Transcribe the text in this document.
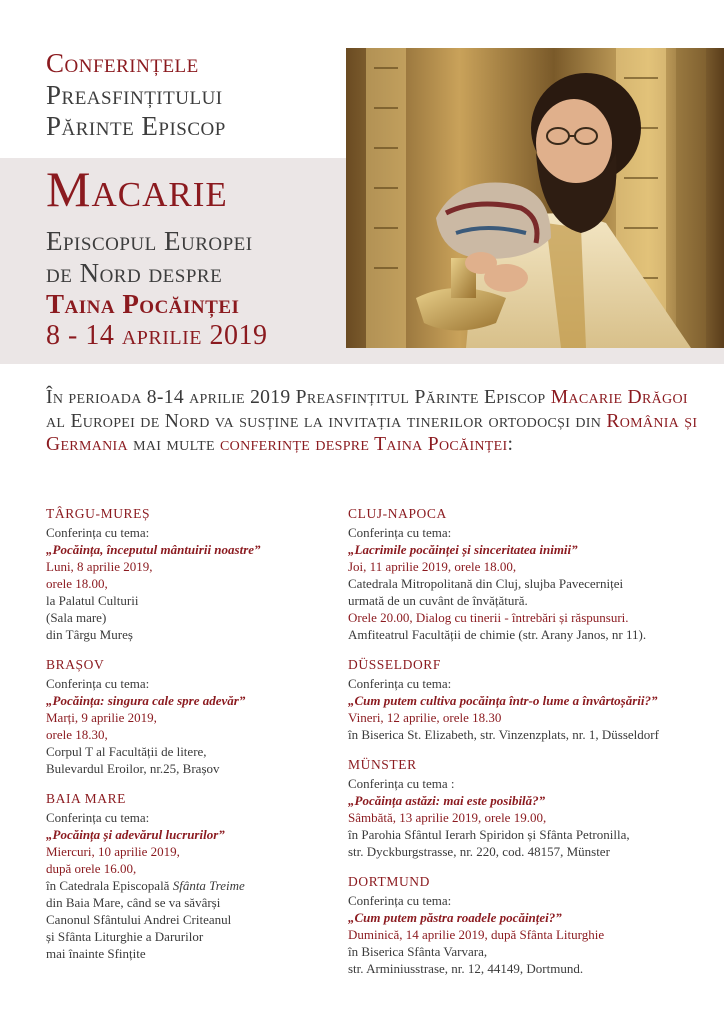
Conferințele
Preasfințitului
Părinte Episcop
Macarie
Episcopul Europei
de Nord despre
Taina Pocăinței
8 - 14 aprilie 2019
În perioada 8-14 aprilie 2019 Preasfințitul Părinte Episcop Macarie Drăgoi al Europei de Nord va susține la invitația tinerilor ortodocși din România și Germania mai multe conferințe despre Taina Pocăinței:
TÂRGU-MUREȘ
Conferința cu tema:
„Pocăința, începutul mântuirii noastre”
Luni, 8 aprilie 2019,
orele 18.00,
la Palatul Culturii
(Sala mare)
din Târgu Mureș
BRAȘOV
Conferința cu tema:
„Pocăința: singura cale spre adevăr”
Marți, 9 aprilie 2019,
orele 18.30,
Corpul T al Facultății de litere,
Bulevardul Eroilor, nr.25, Brașov
BAIA MARE
Conferința cu tema:
„Pocăința și adevărul lucrurilor”
Miercuri, 10 aprilie 2019,
după orele 16.00,
în Catedrala Episcopală Sfânta Treime
din Baia Mare, când se va săvârși
Canonul Sfântului Andrei Criteanul
și Sfânta Liturghie a Darurilor
mai înainte Sfințite
CLUJ-NAPOCA
Conferința cu tema:
„Lacrimile pocăinței și sinceritatea inimii”
Joi, 11 aprilie 2019, orele 18.00,
Catedrala Mitropolitană din Cluj, slujba Pavecerniței
urmată de un cuvânt de învățătură.
Orele 20.00, Dialog cu tinerii - întrebări și răspunsuri.
Amfiteatrul Facultății de chimie (str. Arany Janos, nr 11).
DÜSSELDORF
Conferința cu tema:
„Cum putem cultiva pocăința într-o lume a învârtoșării?”
Vineri, 12 aprilie, orele 18.30
în Biserica St. Elizabeth, str. Vinzenzplats, nr. 1, Düsseldorf
MÜNSTER
Conferința cu tema :
„Pocăința astăzi: mai este posibilă?”
Sâmbătă, 13 aprilie 2019, orele 19.00,
în Parohia Sfântul Ierarh Spiridon și Sfânta Petronilla,
str. Dyckburgstrasse, nr. 220, cod. 48157, Münster
DORTMUND
Conferința cu tema:
„Cum putem păstra roadele pocăinței?”
Duminică, 14 aprilie 2019, după Sfânta Liturghie
în Biserica Sfânta Varvara,
str. Arminiusstrase, nr. 12, 44149, Dortmund.
